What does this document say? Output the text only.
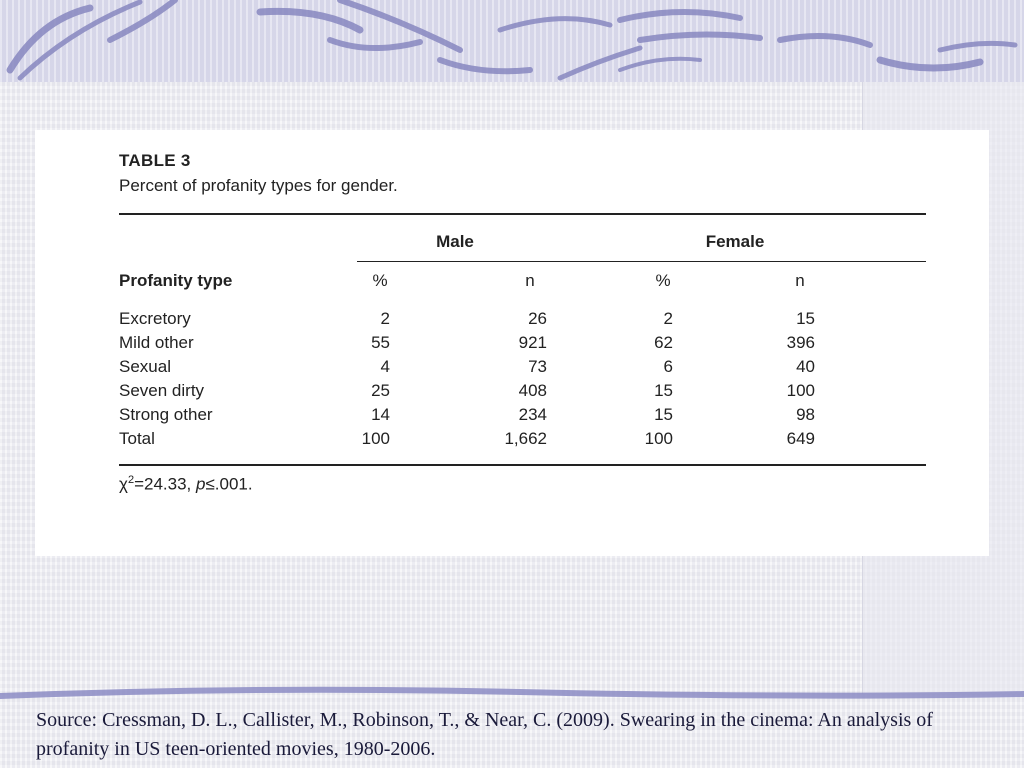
TABLE 3
Percent of profanity types for gender.
Male	Female
Profanity type	%	n	%	n
Excretory	2	26	2	15
Mild other	55	921	62	396
Sexual	4	73	6	40
Seven dirty	25	408	15	100
Strong other	14	234	15	98
Total	100	1,662	100	649
$\chi^2=24.33$, p≤.001.
Source: Cressman, D. L., Callister, M., Robinson, T., & Near, C. (2009). Swearing in the cinema: An analysis of profanity in US teen-oriented movies, 1980-2006.
